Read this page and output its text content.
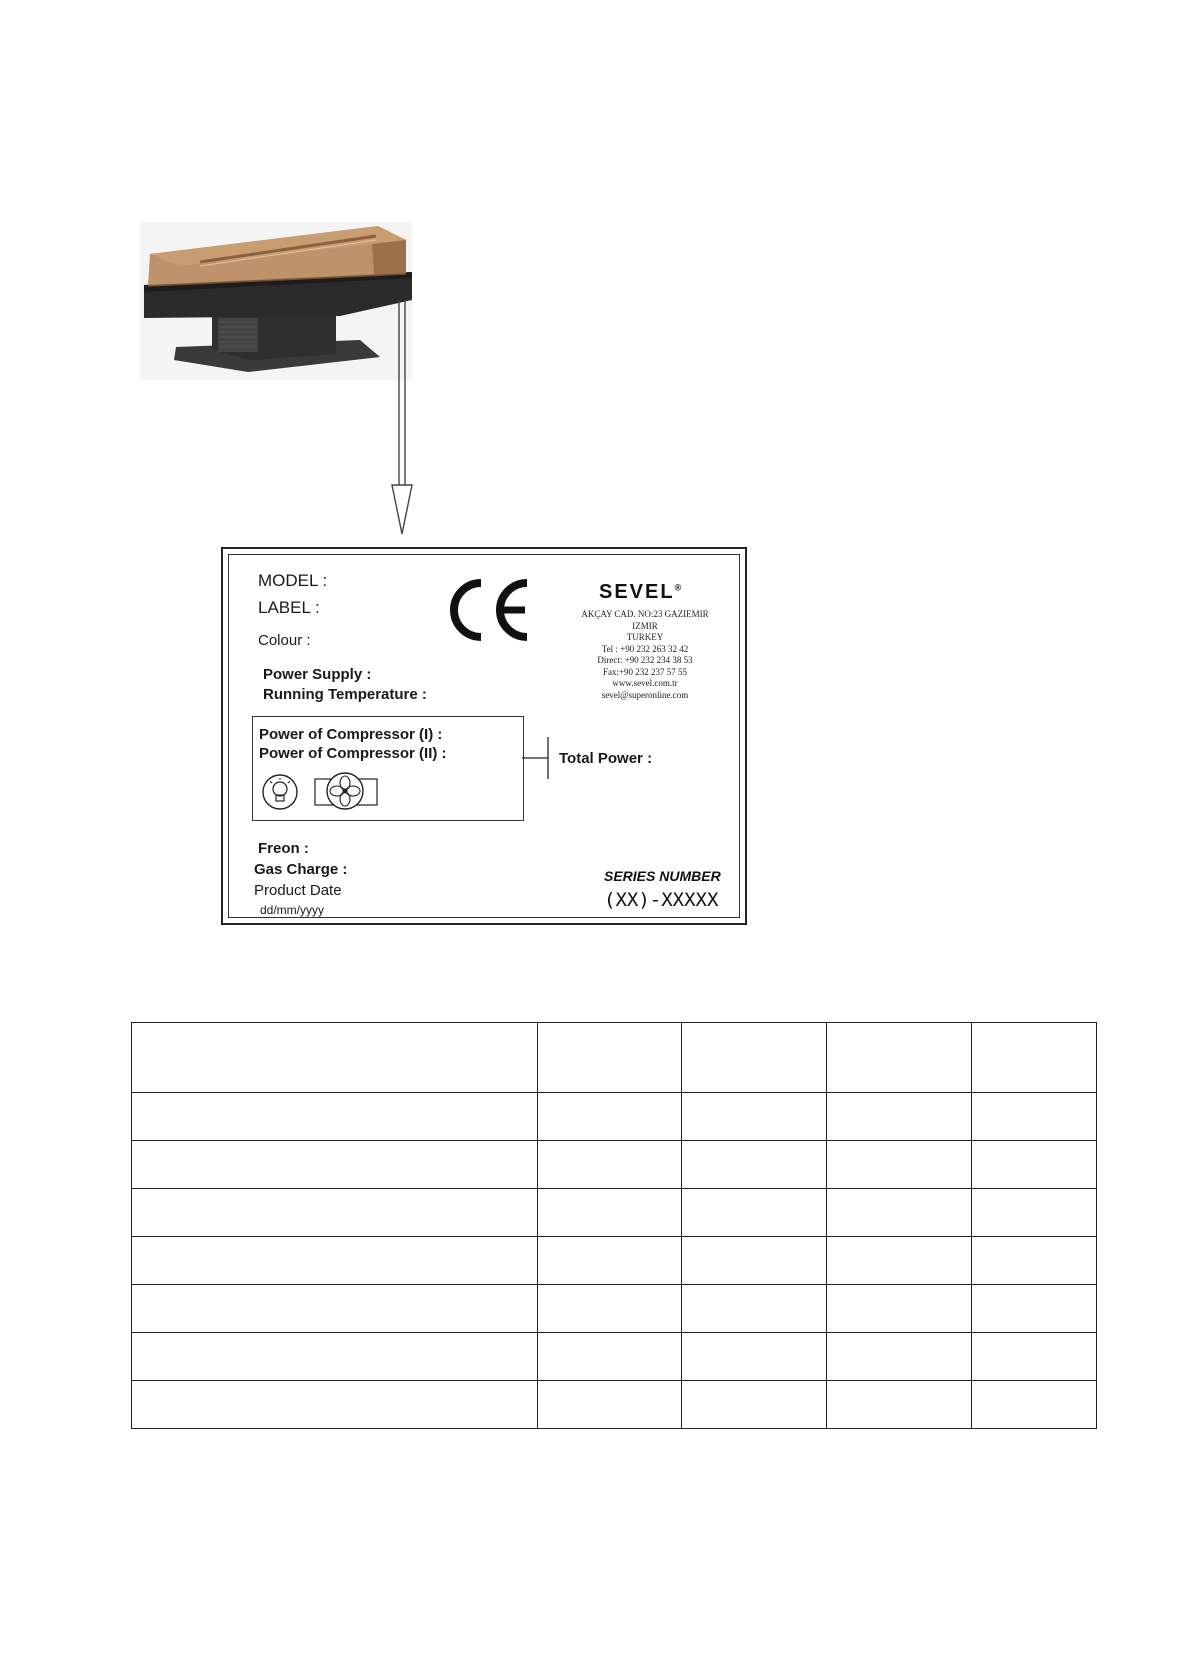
MODEL :
LABEL :
Colour :
Power Supply :
Running Temperature :
SEVEL®
AKÇAY CAD. NO:23 GAZIEMIR IZMIR
TURKEY
Tel : +90 232 263 32 42
Direct: +90 232 234 38 53
Fax:+90 232 237 57 55
www.sevel.com.tr
sevel@superonline.com
Power of Compressor (I) :
Power of Compressor (II) :	Total Power :
Freon :
Gas Charge :
Product Date
dd/mm/yyyy
SERIES NUMBER
(XX)-XXXXX
